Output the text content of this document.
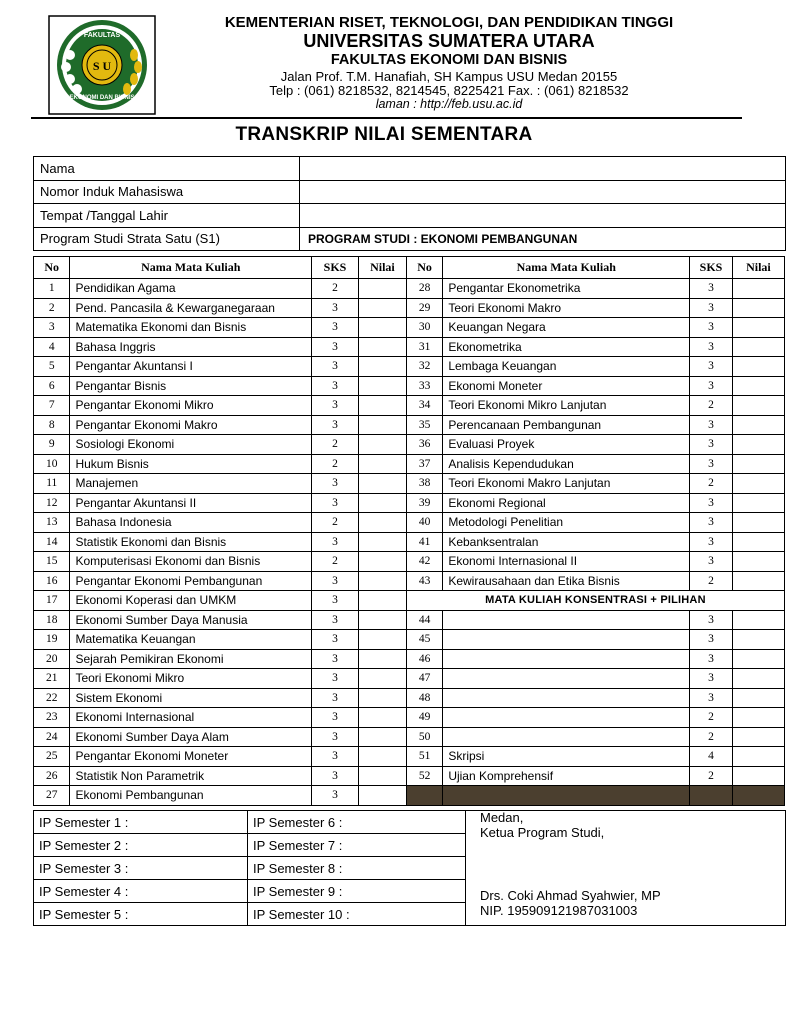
S U
FAKULTAS
EKONOMI DAN BISNIS
KEMENTERIAN RISET, TEKNOLOGI, DAN PENDIDIKAN TINGGI
UNIVERSITAS SUMATERA UTARA
FAKULTAS EKONOMI DAN BISNIS
Jalan Prof. T.M. Hanafiah, SH Kampus USU Medan 20155
Telp : (061) 8218532, 8214545, 8225421 Fax. : (061) 8218532
laman : http://feb.usu.ac.id
TRANSKRIP NILAI SEMENTARA
Nama	
Nomor Induk Mahasiswa	
Tempat /Tanggal Lahir	
Program Studi Strata Satu (S1)	PROGRAM STUDI : EKONOMI PEMBANGUNAN
No	Nama Mata Kuliah	SKS	Nilai	No	Nama Mata Kuliah	SKS	Nilai
1	Pendidikan Agama	2		28	Pengantar Ekonometrika	3	
2	Pend. Pancasila & Kewarganegaraan	3		29	Teori Ekonomi Makro	3	
3	Matematika Ekonomi dan Bisnis	3		30	Keuangan Negara	3	
4	Bahasa Inggris	3		31	Ekonometrika	3	
5	Pengantar Akuntansi I	3		32	Lembaga Keuangan	3	
6	Pengantar Bisnis	3		33	Ekonomi Moneter	3	
7	Pengantar Ekonomi Mikro	3		34	Teori Ekonomi Mikro Lanjutan	2	
8	Pengantar Ekonomi Makro	3		35	Perencanaan Pembangunan	3	
9	Sosiologi Ekonomi	2		36	Evaluasi Proyek	3	
10	Hukum Bisnis	2		37	Analisis Kependudukan	3	
11	Manajemen	3		38	Teori Ekonomi Makro Lanjutan	2	
12	Pengantar Akuntansi II	3		39	Ekonomi Regional	3	
13	Bahasa Indonesia	2		40	Metodologi Penelitian	3	
14	Statistik Ekonomi dan Bisnis	3		41	Kebanksentralan	3	
15	Komputerisasi Ekonomi dan Bisnis	2		42	Ekonomi Internasional II	3	
16	Pengantar Ekonomi Pembangunan	3		43	Kewirausahaan dan Etika Bisnis	2	
17	Ekonomi Koperasi dan UMKM	3		MATA KULIAH KONSENTRASI + PILIHAN			
18	Ekonomi Sumber Daya Manusia	3		44		3	
19	Matematika Keuangan	3		45		3	
20	Sejarah Pemikiran Ekonomi	3		46		3	
21	Teori Ekonomi Mikro	3		47		3	
22	Sistem Ekonomi	3		48		3	
23	Ekonomi Internasional	3		49		2	
24	Ekonomi Sumber Daya Alam	3		50		2	
25	Pengantar Ekonomi Moneter	3		51	Skripsi	4	
26	Statistik Non Parametrik	3		52	Ujian Komprehensif	2	
27	Ekonomi Pembangunan	3					
IP Semester 1 :	IP Semester 6 :	Medan,
Ketua Program Studi,
Drs. Coki Ahmad Syahwier, MP
NIP. 195909121987031003

IP Semester 2 :	IP Semester 7 :	
IP Semester 3 :	IP Semester 8 :	
IP Semester 4 :	IP Semester 9 :	
IP Semester 5 :	IP Semester 10 :	
